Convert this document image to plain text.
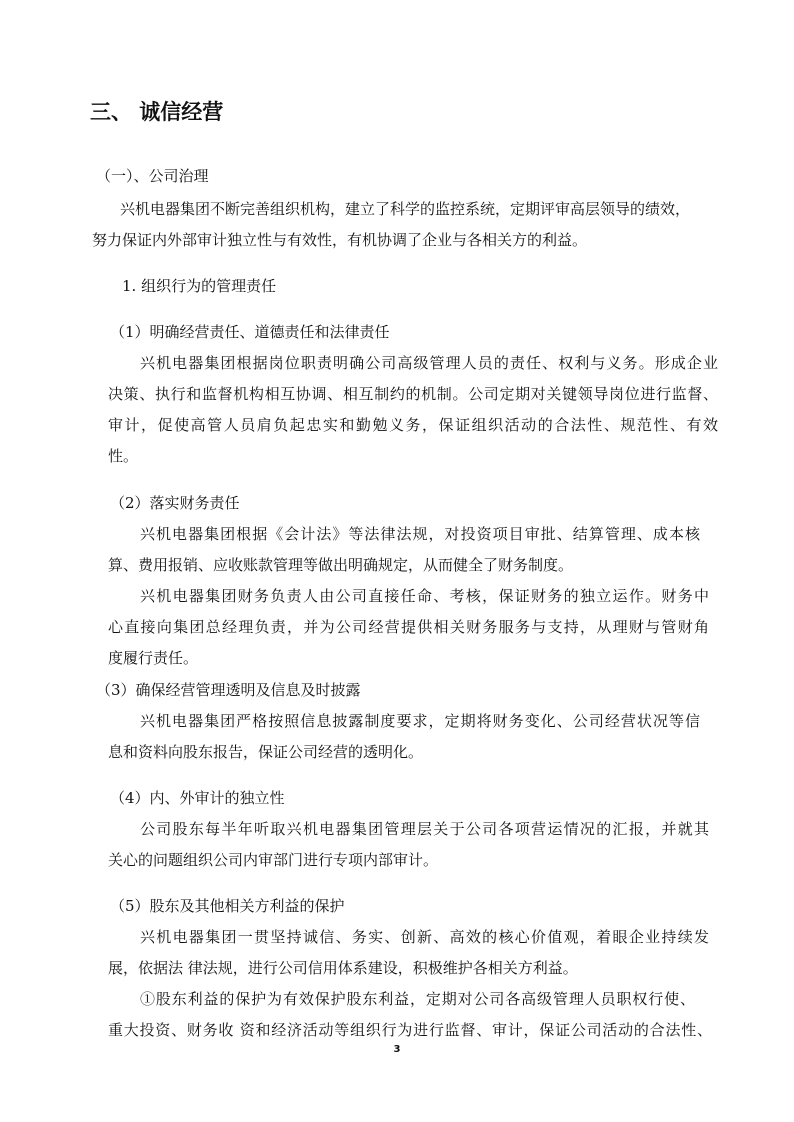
三、 诚信经营
（一）、公司治理
兴机电器集团不断完善组织机构，建立了科学的监控系统，定期评审高层领导的绩效，
努力保证内外部审计独立性与有效性，有机协调了企业与各相关方的利益。
1. 组织行为的管理责任
（1）明确经营责任、道德责任和法律责任
兴机电器集团根据岗位职责明确公司高级管理人员的责任、权利与义务。形成企业
决策、执行和监督机构相互协调、相互制约的机制。公司定期对关键领导岗位进行监督、
审计，促使高管人员肩负起忠实和勤勉义务，保证组织活动的合法性、规范性、有效
性。
（2）落实财务责任
兴机电器集团根据《会计法》等法律法规，对投资项目审批、结算管理、成本核
算、费用报销、应收账款管理等做出明确规定，从而健全了财务制度。
兴机电器集团财务负责人由公司直接任命、考核，保证财务的独立运作。财务中
心直接向集团总经理负责，并为公司经营提供相关财务服务与支持，从理财与管财角
度履行责任。
（3）确保经营管理透明及信息及时披露
兴机电器集团严格按照信息披露制度要求，定期将财务变化、公司经营状况等信
息和资料向股东报告，保证公司经营的透明化。
（4）内、外审计的独立性
公司股东每半年听取兴机电器集团管理层关于公司各项营运情况的汇报，并就其
关心的问题组织公司内审部门进行专项内部审计。
（5）股东及其他相关方利益的保护
兴机电器集团一贯坚持诚信、务实、创新、高效的核心价值观，着眼企业持续发
展，依据法 律法规，进行公司信用体系建设，积极维护各相关方利益。
①股东利益的保护为有效保护股东利益，定期对公司各高级管理人员职权行使、
重大投资、财务收 资和经济活动等组织行为进行监督、审计，保证公司活动的合法性、
3
